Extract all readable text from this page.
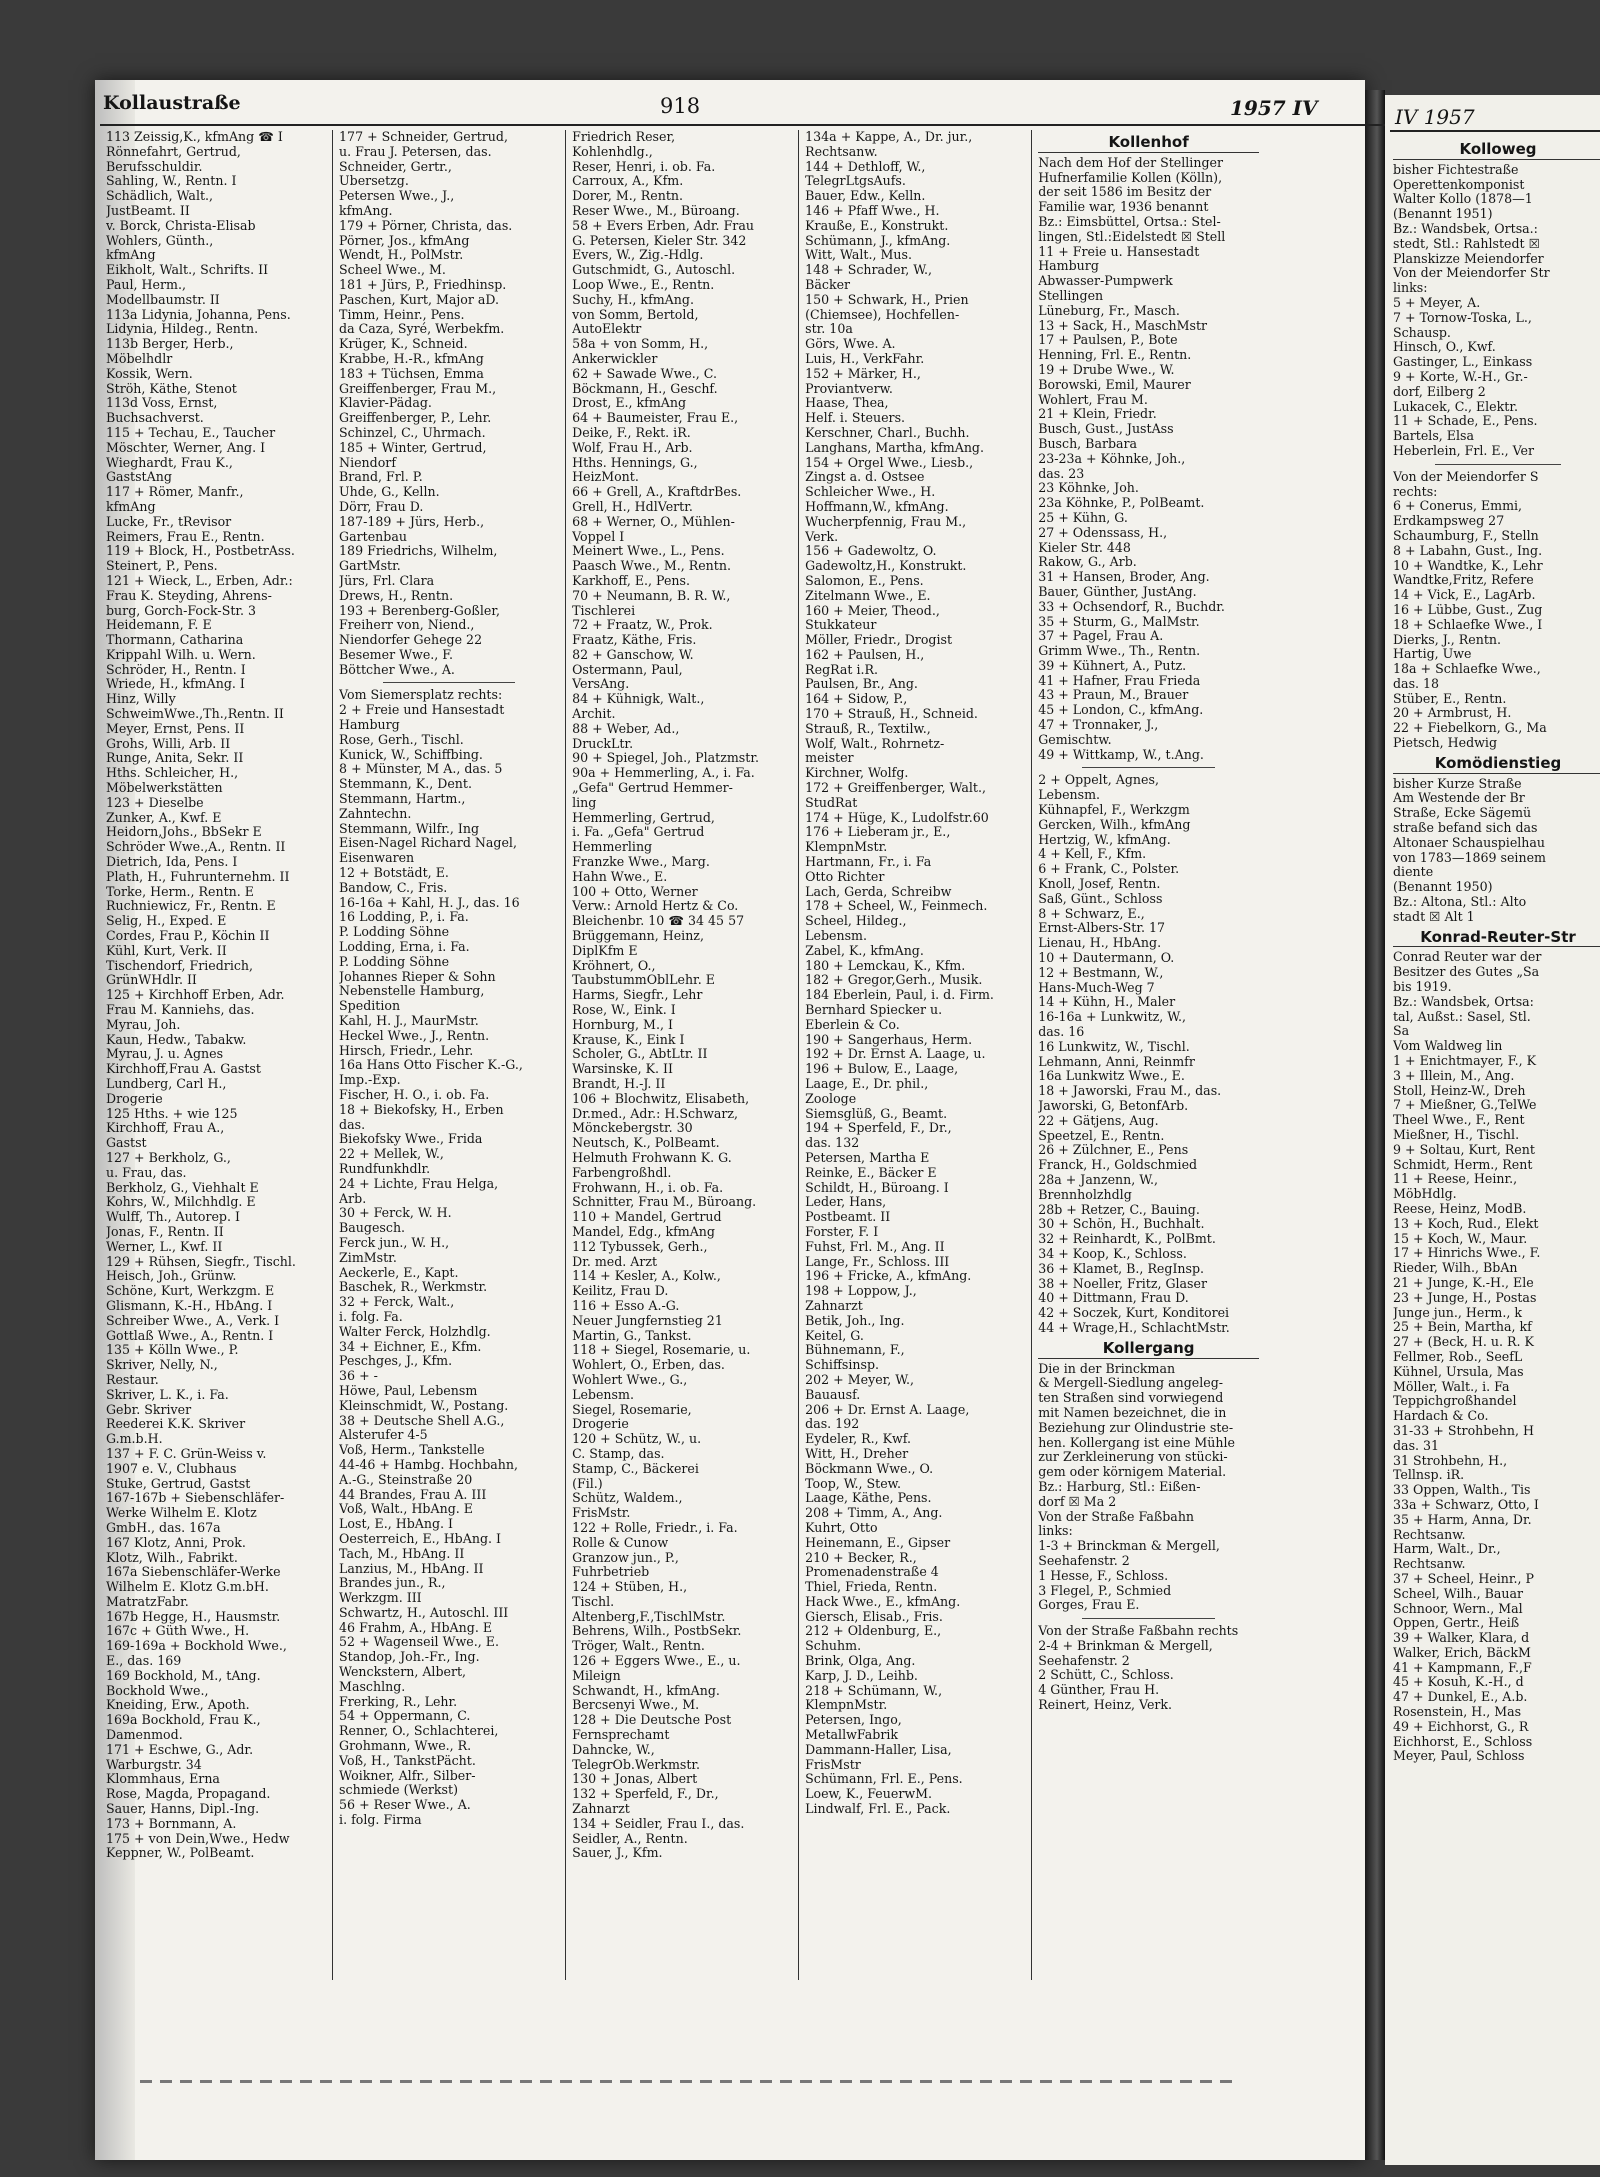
Kollaustraße	918
113 Zeissig,K., kfmAng ☎ I
Rönnefahrt, Gertrud,
Berufsschuldir.
Sahling, W., Rentn. I
Schädlich, Walt.,
JustBeamt. II
v. Borck, Christa-Elisab
Wohlers, Günth.,
kfmAng
Eikholt, Walt., Schrifts. II
Paul, Herm.,
Modellbaumstr. II
113a Lidynia, Johanna, Pens.
Lidynia, Hildeg., Rentn.
113b Berger, Herb.,
Möbelhdlr
Kossik, Wern.
Ströh, Käthe, Stenot
113d Voss, Ernst,
Buchsachverst.
115 + Techau, E., Taucher
Möschter, Werner, Ang. I
Wieghardt, Frau K.,
GaststAng
117 + Römer, Manfr.,
kfmAng
Lucke, Fr., tRevisor
Reimers, Frau E., Rentn.
119 + Block, H., PostbetrAss.
Steinert, P., Pens.
121 + Wieck, L., Erben, Adr.:
Frau K. Steyding, Ahrens-
burg, Gorch-Fock-Str. 3
Heidemann, F. E
Thormann, Catharina
Krippahl Wilh. u. Wern.
Schröder, H., Rentn. I
Wriede, H., kfmAng. I
Hinz, Willy
SchweimWwe.,Th.,Rentn. II
Meyer, Ernst, Pens. II
Grohs, Willi, Arb. II
Runge, Anita, Sekr. II
Hths. Schleicher, H.,
Möbelwerkstätten
123 + Dieselbe
Zunker, A., Kwf. E
Heidorn,Johs., BbSekr E
Schröder Wwe.,A., Rentn. II
Dietrich, Ida, Pens. I
Plath, H., Fuhrunternehm. II
Torke, Herm., Rentn. E
Ruchniewicz, Fr., Rentn. E
Selig, H., Exped. E
Cordes, Frau P., Köchin II
Kühl, Kurt, Verk. II
Tischendorf, Friedrich,
GrünWHdlr. II
125 + Kirchhoff Erben, Adr.
Frau M. Kanniehs, das.
Myrau, Joh.
Kaun, Hedw., Tabakw.
Myrau, J. u. Agnes
Kirchhoff,Frau A. Gastst
Lundberg, Carl H.,
Drogerie
125 Hths. + wie 125
Kirchhoff, Frau A.,
Gastst
127 + Berkholz, G.,
u. Frau, das.
Berkholz, G., Viehhalt E
Kohrs, W., Milchhdlg. E
Wulff, Th., Autorep. I
Jonas, F., Rentn. II
Werner, L., Kwf. II
129 + Rühsen, Siegfr., Tischl.
Heisch, Joh., Grünw.
Schöne, Kurt, Werkzgm. E
Glismann, K.-H., HbAng. I
Schreiber Wwe., A., Verk. I
Gottlaß Wwe., A., Rentn. I
135 + Kölln Wwe., P.
Skriver, Nelly, N.,
Restaur.
Skriver, L. K., i. Fa.
Gebr. Skriver
Reederei K.K. Skriver
G.m.b.H.
137 + F. C. Grün-Weiss v.
1907 e. V., Clubhaus
Stuke, Gertrud, Gastst
167-167b + Siebenschläfer-
Werke Wilhelm E. Klotz
GmbH., das. 167a
167 Klotz, Anni, Prok.
Klotz, Wilh., Fabrikt.
167a Siebenschläfer-Werke
Wilhelm E. Klotz G.m.bH.
MatratzFabr.
167b Hegge, H., Hausmstr.
167c + Güth Wwe., H.
169-169a + Bockhold Wwe.,
E., das. 169
169 Bockhold, M., tAng.
Bockhold Wwe.,
Kneiding, Erw., Apoth.
169a Bockhold, Frau K.,
Damenmod.
171 + Eschwe, G., Adr.
Warburgstr. 34
Klommhaus, Erna
Rose, Magda, Propagand.
Sauer, Hanns, Dipl.-Ing.
173 + Bornmann, A.
175 + von Dein,Wwe., Hedw
Keppner, W., PolBeamt.
177 + Schneider, Gertrud,
u. Frau J. Petersen, das.
Schneider, Gertr.,
Übersetzg.
Petersen Wwe., J.,
kfmAng.
179 + Pörner, Christa, das.
Pörner, Jos., kfmAng
Wendt, H., PolMstr.
Scheel Wwe., M.
181 + Jürs, P., Friedhinsp.
Paschen, Kurt, Major aD.
Timm, Heinr., Pens.
da Caza, Syré, Werbekfm.
Krüger, K., Schneid.
Krabbe, H.-R., kfmAng
183 + Tüchsen, Emma
Greiffenberger, Frau M.,
Klavier-Pädag.
Greiffenberger, P., Lehr.
Schinzel, C., Uhrmach.
185 + Winter, Gertrud,
Niendorf
Brand, Frl. P.
Uhde, G., Kelln.
Dörr, Frau D.
187-189 + Jürs, Herb.,
Gartenbau
189 Friedrichs, Wilhelm,
GartMstr.
Jürs, Frl. Clara
Drews, H., Rentn.
193 + Berenberg-Goßler,
Freiherr von, Niend.,
Niendorfer Gehege 22
Besemer Wwe., F.
Böttcher Wwe., A.
Vom Siemersplatz rechts:
2 + Freie und Hansestadt
Hamburg
Rose, Gerh., Tischl.
Kunick, W., Schiffbing.
8 + Münster, M A., das. 5
Stemmann, K., Dent.
Stemmann, Hartm.,
Zahntechn.
Stemmann, Wilfr., Ing
Eisen-Nagel Richard Nagel,
Eisenwaren
12 + Botstädt, E.
Bandow, C., Fris.
16-16a + Kahl, H. J., das. 16
16 Lodding, P., i. Fa.
P. Lodding Söhne
Lodding, Erna, i. Fa.
P. Lodding Söhne
Johannes Rieper & Sohn
Nebenstelle Hamburg,
Spedition
Kahl, H. J., MaurMstr.
Heckel Wwe., J., Rentn.
Hirsch, Friedr., Lehr.
16a Hans Otto Fischer K.-G.,
Imp.-Exp.
Fischer, H. O., i. ob. Fa.
18 + Biekofsky, H., Erben
das.
Biekofsky Wwe., Frida
22 + Mellek, W.,
Rundfunkhdlr.
24 + Lichte, Frau Helga,
Arb.
30 + Ferck, W. H.
Baugesch.
Ferck jun., W. H.,
ZimMstr.
Aeckerle, E., Kapt.
Baschek, R., Werkmstr.
32 + Ferck, Walt.,
i. folg. Fa.
Walter Ferck, Holzhdlg.
34 + Eichner, E., Kfm.
Peschges, J., Kfm.
36 + -
Höwe, Paul, Lebensm
Kleinschmidt, W., Postang.
38 + Deutsche Shell A.G.,
Alsterufer 4-5
Voß, Herm., Tankstelle
44-46 + Hambg. Hochbahn,
A.-G., Steinstraße 20
44 Brandes, Frau A. III
Voß, Walt., HbAng. E
Lost, E., HbAng. I
Oesterreich, E., HbAng. I
Tach, M., HbAng. II
Lanzius, M., HbAng. II
Brandes jun., R.,
Werkzgm. III
Schwartz, H., Autoschl. III
46 Frahm, A., HbAng. E
52 + Wagenseil Wwe., E.
Standop, Joh.-Fr., Ing.
Wenckstern, Albert,
Maschlng.
Frerking, R., Lehr.
54 + Oppermann, C.
Renner, O., Schlachterei,
Grohmann, Wwe., R.
Voß, H., TankstPächt.
Woikner, Alfr., Silber-
schmiede (Werkst)
56 + Reser Wwe., A.
i. folg. Firma
Friedrich Reser,
Kohlenhdlg.,
Reser, Henri, i. ob. Fa.
Carroux, A., Kfm.
Dorer, M., Rentn.
Reser Wwe., M., Büroang.
58 + Evers Erben, Adr. Frau
G. Petersen, Kieler Str. 342
Evers, W., Zig.-Hdlg.
Gutschmidt, G., Autoschl.
Loop Wwe., E., Rentn.
Suchy, H., kfmAng.
von Somm, Bertold,
AutoElektr
58a + von Somm, H.,
Ankerwickler
62 + Sawade Wwe., C.
Böckmann, H., Geschf.
Drost, E., kfmAng
64 + Baumeister, Frau E.,
Deike, F., Rekt. iR.
Wolf, Frau H., Arb.
Hths. Hennings, G.,
HeizMont.
66 + Grell, A., KraftdrBes.
Grell, H., HdlVertr.
68 + Werner, O., Mühlen-
Voppel I
Meinert Wwe., L., Pens.
Paasch Wwe., M., Rentn.
Karkhoff, E., Pens.
70 + Neumann, B. R. W.,
Tischlerei
72 + Fraatz, W., Prok.
Fraatz, Käthe, Fris.
82 + Ganschow, W.
Ostermann, Paul,
VersAng.
84 + Kühnigk, Walt.,
Archit.
88 + Weber, Ad.,
DruckLtr.
90 + Spiegel, Joh., Platzmstr.
90a + Hemmerling, A., i. Fa.
„Gefa" Gertrud Hemmer-
ling
Hemmerling, Gertrud,
i. Fa. „Gefa" Gertrud
Hemmerling
Franzke Wwe., Marg.
Hahn Wwe., E.
100 + Otto, Werner
Verw.: Arnold Hertz & Co.
Bleichenbr. 10 ☎ 34 45 57
Brüggemann, Heinz,
DiplKfm E
Kröhnert, O.,
TaubstummOblLehr. E
Harms, Siegfr., Lehr
Rose, W., Eink. I
Hornburg, M., I
Krause, K., Eink I
Scholer, G., AbtLtr. II
Warsinske, K. II
Brandt, H.-J. II
106 + Blochwitz, Elisabeth,
Dr.med., Adr.: H.Schwarz,
Mönckebergstr. 30
Neutsch, K., PolBeamt.
Helmuth Frohwann K. G.
Farbengroßhdl.
Frohwann, H., i. ob. Fa.
Schnitter, Frau M., Büroang.
110 + Mandel, Gertrud
Mandel, Edg., kfmAng
112 Tybussek, Gerh.,
Dr. med. Arzt
114 + Kesler, A., Kolw.,
Keilitz, Frau D.
116 + Esso A.-G.
Neuer Jungfernstieg 21
Martin, G., Tankst.
118 + Siegel, Rosemarie, u.
Wohlert, O., Erben, das.
Wohlert Wwe., G.,
Lebensm.
Siegel, Rosemarie,
Drogerie
120 + Schütz, W., u.
C. Stamp, das.
Stamp, C., Bäckerei
(Fil.)
Schütz, Waldem.,
FrisMstr.
122 + Rolle, Friedr., i. Fa.
Rolle & Cunow
Granzow jun., P.,
Fuhrbetrieb
124 + Stüben, H.,
Tischl.
Altenberg,F.,TischlMstr.
Behrens, Wilh., PostbSekr.
Tröger, Walt., Rentn.
126 + Eggers Wwe., E., u.
Mileign
Schwandt, H., kfmAng.
Bercsenyi Wwe., M.
128 + Die Deutsche Post
Fernsprechamt
Dahncke, W.,
TelegrOb.Werkmstr.
130 + Jonas, Albert
132 + Sperfeld, F., Dr.,
Zahnarzt
134 + Seidler, Frau I., das.
Seidler, A., Rentn.
Sauer, J., Kfm.
134a + Kappe, A., Dr. jur.,
Rechtsanw.
144 + Dethloff, W.,
TelegrLtgsAufs.
Bauer, Edw., Kelln.
146 + Pfaff Wwe., H.
Krauße, E., Konstrukt.
Schümann, J., kfmAng.
Witt, Walt., Mus.
148 + Schrader, W.,
Bäcker
150 + Schwark, H., Prien
(Chiemsee), Hochfellen-
str. 10a
Görs, Wwe. A.
Luis, H., VerkFahr.
152 + Märker, H.,
Proviantverw.
Haase, Thea,
Helf. i. Steuers.
Kerschner, Charl., Buchh.
Langhans, Martha, kfmAng.
154 + Orgel Wwe., Liesb.,
Zingst a. d. Ostsee
Schleicher Wwe., H.
Hoffmann,W., kfmAng.
Wucherpfennig, Frau M.,
Verk.
156 + Gadewoltz, O.
Gadewoltz,H., Konstrukt.
Salomon, E., Pens.
Zitelmann Wwe., E.
160 + Meier, Theod.,
Stukkateur
Möller, Friedr., Drogist
162 + Paulsen, H.,
RegRat i.R.
Paulsen, Br., Ang.
164 + Sidow, P.,
170 + Strauß, H., Schneid.
Strauß, R., Textilw.,
Wolf, Walt., Rohrnetz-
meister
Kirchner, Wolfg.
172 + Greiffenberger, Walt.,
StudRat
174 + Hüge, K., Ludolfstr.60
176 + Lieberam jr., E.,
KlempnMstr.
Hartmann, Fr., i. Fa
Otto Richter
Lach, Gerda, Schreibw
178 + Scheel, W., Feinmech.
Scheel, Hildeg.,
Lebensm.
Zabel, K., kfmAng.
180 + Lemckau, K., Kfm.
182 + Gregor,Gerh., Musik.
184 Eberlein, Paul, i. d. Firm.
Bernhard Spiecker u.
Eberlein & Co.
190 + Sangerhaus, Herm.
192 + Dr. Ernst A. Laage, u.
196 + Bulow, E., Laage,
Laage, E., Dr. phil.,
Zoologe
Siemsglüß, G., Beamt.
194 + Sperfeld, F., Dr.,
das. 132
Petersen, Martha E
Reinke, E., Bäcker E
Schildt, H., Büroang. I
Leder, Hans,
Postbeamt. II
Forster, F. I
Fuhst, Frl. M., Ang. II
Lange, Fr., Schloss. III
196 + Fricke, A., kfmAng.
198 + Loppow, J.,
Zahnarzt
Betik, Joh., Ing.
Keitel, G.
Bühnemann, F.,
Schiffsinsp.
202 + Meyer, W.,
Bauausf.
206 + Dr. Ernst A. Laage,
das. 192
Eydeler, R., Kwf.
Witt, H., Dreher
Böckmann Wwe., O.
Toop, W., Stew.
Laage, Käthe, Pens.
208 + Timm, A., Ang.
Kuhrt, Otto
Heinemann, E., Gipser
210 + Becker, R.,
Promenadenstraße 4
Thiel, Frieda, Rentn.
Hack Wwe., E., kfmAng.
Giersch, Elisab., Fris.
212 + Oldenburg, E.,
Schuhm.
Brink, Olga, Ang.
Karp, J. D., Leihb.
218 + Schümann, W.,
KlempnMstr.
Petersen, Ingo,
MetallwFabrik
Dammann-Haller, Lisa,
FrisMstr
Schümann, Frl. E., Pens.
Loew, K., FeuerwM.
Lindwalf, Frl. E., Pack.
Kollenhof
Nach dem Hof der Stellinger
Hufnerfamilie Kollen (Kölln),
der seit 1586 im Besitz der
Familie war, 1936 benannt
Bz.: Eimsbüttel, Ortsa.: Stel-
lingen, Stl.:Eidelstedt ☒ Stell
11 + Freie u. Hansestadt
Hamburg
Abwasser-Pumpwerk
Stellingen
Lüneburg, Fr., Masch.
13 + Sack, H., MaschMstr
17 + Paulsen, P., Bote
Henning, Frl. E., Rentn.
19 + Drube Wwe., W.
Borowski, Emil, Maurer
Wohlert, Frau M.
21 + Klein, Friedr.
Busch, Gust., JustAss
Busch, Barbara
23-23a + Köhnke, Joh.,
das. 23
23 Köhnke, Joh.
23a Köhnke, P., PolBeamt.
25 + Kühn, G.
27 + Odenssass, H.,
Kieler Str. 448
Rakow, G., Arb.
31 + Hansen, Broder, Ang.
Bauer, Günther, JustAng.
33 + Ochsendorf, R., Buchdr.
35 + Sturm, G., MalMstr.
37 + Pagel, Frau A.
Grimm Wwe., Th., Rentn.
39 + Kühnert, A., Putz.
41 + Hafner, Frau Frieda
43 + Praun, M., Brauer
45 + London, C., kfmAng.
47 + Tronnaker, J.,
Gemischtw.
49 + Wittkamp, W., t.Ang.
2 + Oppelt, Agnes,
Lebensm.
Kühnapfel, F., Werkzgm
Gercken, Wilh., kfmAng
Hertzig, W., kfmAng.
4 + Kell, F., Kfm.
6 + Frank, C., Polster.
Knoll, Josef, Rentn.
Saß, Günt., Schloss
8 + Schwarz, E.,
Ernst-Albers-Str. 17
Lienau, H., HbAng.
10 + Dautermann, O.
12 + Bestmann, W.,
Hans-Much-Weg 7
14 + Kühn, H., Maler
16-16a + Lunkwitz, W.,
das. 16
16 Lunkwitz, W., Tischl.
Lehmann, Anni, Reinmfr
16a Lunkwitz Wwe., E.
18 + Jaworski, Frau M., das.
Jaworski, G, BetonfArb.
22 + Gätjens, Aug.
Speetzel, E., Rentn.
26 + Zülchner, E., Pens
Franck, H., Goldschmied
28a + Janzenn, W.,
Brennholzhdlg
28b + Retzer, C., Bauing.
30 + Schön, H., Buchhalt.
32 + Reinhardt, K., PolBmt.
34 + Koop, K., Schloss.
36 + Klamet, B., RegInsp.
38 + Noeller, Fritz, Glaser
40 + Dittmann, Frau D.
42 + Soczek, Kurt, Konditorei
44 + Wrage,H., SchlachtMstr.
Kollergang
Die in der Brinckman
& Mergell-Siedlung angeleg-
ten Straßen sind vorwiegend
mit Namen bezeichnet, die in
Beziehung zur Ölindustrie ste-
hen. Kollergang ist eine Mühle
zur Zerkleinerung von stücki-
gem oder körnigem Material.
Bz.: Harburg, Stl.: Eißen-
dorf ☒ Ma 2
Von der Straße Faßbahn
links:
1-3 + Brinckman & Mergell,
Seehafenstr. 2
1 Hesse, F., Schloss.
3 Flegel, P., Schmied
Gorges, Frau E.
Von der Straße Faßbahn rechts
2-4 + Brinkman & Mergell,
Seehafenstr. 2
2 Schütt, C., Schloss.
4 Günther, Frau H.
Reinert, Heinz, Verk.
1957 IV	IV 1957
Kolloweg
bisher Fichtestraße
Operettenkomponist
Walter Kollo (1878—1
(Benannt 1951)
Bz.: Wandsbek, Ortsa.:
stedt, Stl.: Rahlstedt ☒
Planskizze Meiendorfer
Von der Meiendorfer Str
links:
5 + Meyer, A.
7 + Tornow-Toska, L.,
Schausp.
Hinsch, O., Kwf.
Gastinger, L., Einkass
9 + Korte, W.-H., Gr.-
dorf, Eilberg 2
Lukacek, C., Elektr.
11 + Schade, E., Pens.
Bartels, Elsa
Heberlein, Frl. E., Ver
Von der Meiendorfer S
rechts:
6 + Conerus, Emmi,
Erdkampsweg 27
Schaumburg, F., Stelln
8 + Labahn, Gust., Ing.
10 + Wandtke, K., Lehr
Wandtke,Fritz, Refere
14 + Vick, E., LagArb.
16 + Lübbe, Gust., Zug
18 + Schlaefke Wwe., I
Dierks, J., Rentn.
Hartig, Uwe
18a + Schlaefke Wwe.,
das. 18
Stüber, E., Rentn.
20 + Armbrust, H.
22 + Fiebelkorn, G., Ma
Pietsch, Hedwig
Komödienstieg
bisher Kurze Straße
Am Westende der Br
Straße, Ecke Sägemü
straße befand sich das
Altonaer Schauspielhau
von 1783—1869 seinem
diente
(Benannt 1950)
Bz.: Altona, Stl.: Alto
stadt ☒ Alt 1
Konrad-Reuter-Str
Conrad Reuter war der
Besitzer des Gutes „Sa
bis 1919.
Bz.: Wandsbek, Ortsa:
tal, Außst.: Sasel, Stl.
Sa
Vom Waldweg lin
1 + Enichtmayer, F., K
3 + Illein, M., Ang.
Stoll, Heinz-W., Dreh
7 + Mießner, G.,TelWe
Theel Wwe., F., Rent
Mießner, H., Tischl.
9 + Soltau, Kurt, Rent
Schmidt, Herm., Rent
11 + Reese, Heinr.,
MöbHdlg.
Reese, Heinz, ModB.
13 + Koch, Rud., Elekt
15 + Koch, W., Maur.
17 + Hinrichs Wwe., F.
Rieder, Wilh., BbAn
21 + Junge, K.-H., Ele
23 + Junge, H., Postas
Junge jun., Herm., k
25 + Bein, Martha, kf
27 + (Beck, H. u. R. K
Fellmer, Rob., SeefL
Kühnel, Ursula, Mas
Möller, Walt., i. Fa
Teppichgroßhandel
Hardach & Co.
31-33 + Strohbehn, H
das. 31
31 Strohbehn, H.,
Tellnsp. iR.
33 Oppen, Walth., Tis
33a + Schwarz, Otto, I
35 + Harm, Anna, Dr.
Rechtsanw.
Harm, Walt., Dr.,
Rechtsanw.
37 + Scheel, Heinr., P
Scheel, Wilh., Bauar
Schnoor, Wern., Mal
Oppen, Gertr., Heiß
39 + Walker, Klara, d
Walker, Erich, BäckM
41 + Kampmann, F.,F
45 + Kosuh, K.-H., d
47 + Dunkel, E., A.b.
Rosenstein, H., Mas
49 + Eichhorst, G., R
Eichhorst, E., Schloss
Meyer, Paul, Schloss
